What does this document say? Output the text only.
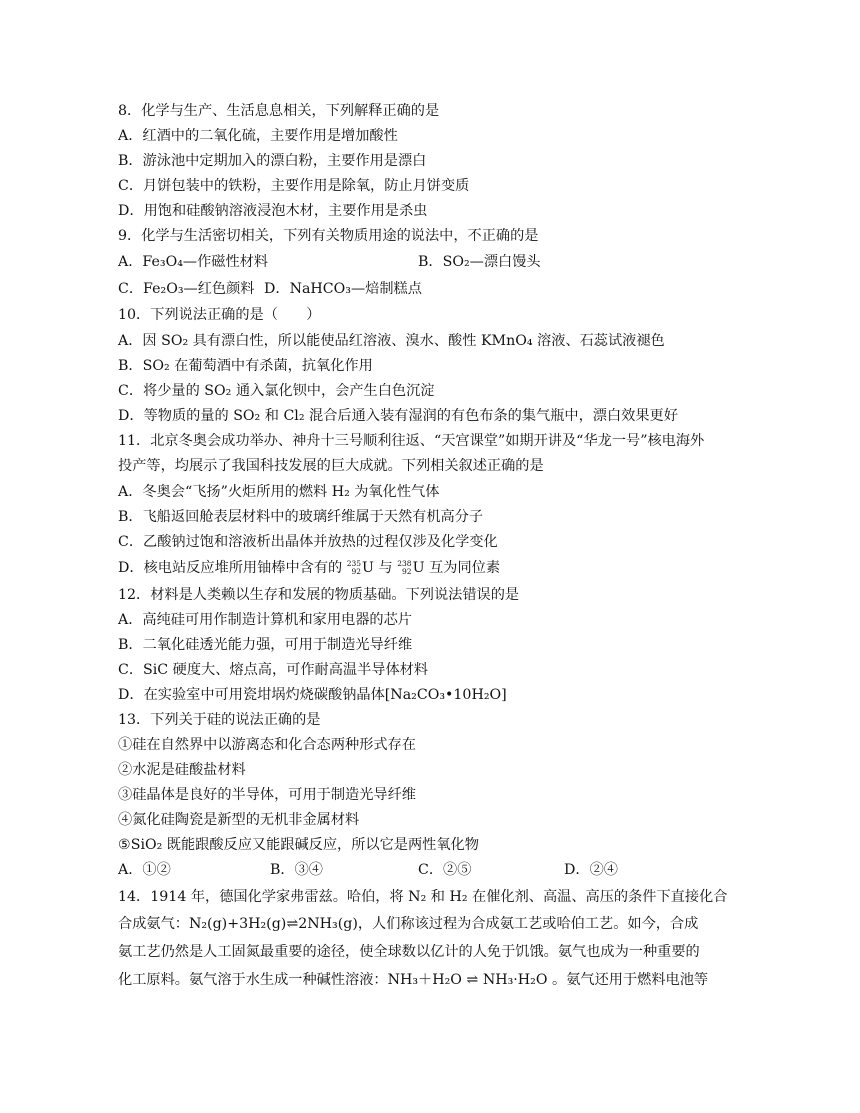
8．化学与生产、生活息息相关，下列解释正确的是
A．红酒中的二氧化硫，主要作用是增加酸性
B．游泳池中定期加入的漂白粉，主要作用是漂白
C．月饼包装中的铁粉，主要作用是除氧，防止月饼变质
D．用饱和硅酸钠溶液浸泡木材，主要作用是杀虫
9．化学与生活密切相关，下列有关物质用途的说法中，不正确的是
A．Fe₃O₄—作磁性材料	B．SO₂—漂白馒头
C．Fe₂O₃—红色颜料 D．NaHCO₃—焙制糕点
10．下列说法正确的是（　　）
A．因 SO₂ 具有漂白性，所以能使品红溶液、溴水、酸性 KMnO₄ 溶液、石蕊试液褪色
B．SO₂ 在葡萄酒中有杀菌，抗氧化作用
C．将少量的 SO₂ 通入氯化钡中，会产生白色沉淀
D．等物质的量的 SO₂ 和 Cl₂ 混合后通入装有湿润的有色布条的集气瓶中，漂白效果更好
11．北京冬奥会成功举办、神舟十三号顺利往返、“天宫课堂”如期开讲及“华龙一号”核电海外
投产等，均展示了我国科技发展的巨大成就。下列相关叙述正确的是
A．冬奥会“飞扬”火炬所用的燃料 H₂ 为氧化性气体
B．飞船返回舱表层材料中的玻璃纤维属于天然有机高分子
C．乙酸钠过饱和溶液析出晶体并放热的过程仅涉及化学变化
D．核电站反应堆所用铀棒中含有的 235
92 U 与 238
92 U 互为同位素
12．材料是人类赖以生存和发展的物质基础。下列说法错误的是
A．高纯硅可用作制造计算机和家用电器的芯片
B．二氧化硅透光能力强，可用于制造光导纤维
C．SiC 硬度大、熔点高，可作耐高温半导体材料
D．在实验室中可用瓷坩埚灼烧碳酸钠晶体[Na₂CO₃•10H₂O]
13．下列关于硅的说法正确的是
①硅在自然界中以游离态和化合态两种形式存在
②水泥是硅酸盐材料
③硅晶体是良好的半导体，可用于制造光导纤维
④氮化硅陶瓷是新型的无机非金属材料
⑤SiO₂ 既能跟酸反应又能跟碱反应，所以它是两性氧化物
A．①②	B．③④	C．②⑤	D．②④
14．1914 年，德国化学家弗雷兹。哈伯，将 N₂ 和 H₂ 在催化剂、高温、高压的条件下直接化合
合成氨气：N₂(g)+3H₂(g)⇌2NH₃(g)，人们称该过程为合成氨工艺或哈伯工艺。如今，合成
氨工艺仍然是人工固氮最重要的途径，使全球数以亿计的人免于饥饿。氨气也成为一种重要的
化工原料。氨气溶于水生成一种碱性溶液：NH₃＋H₂O ⇌ NH₃·H₂O 。氨气还用于燃料电池等
